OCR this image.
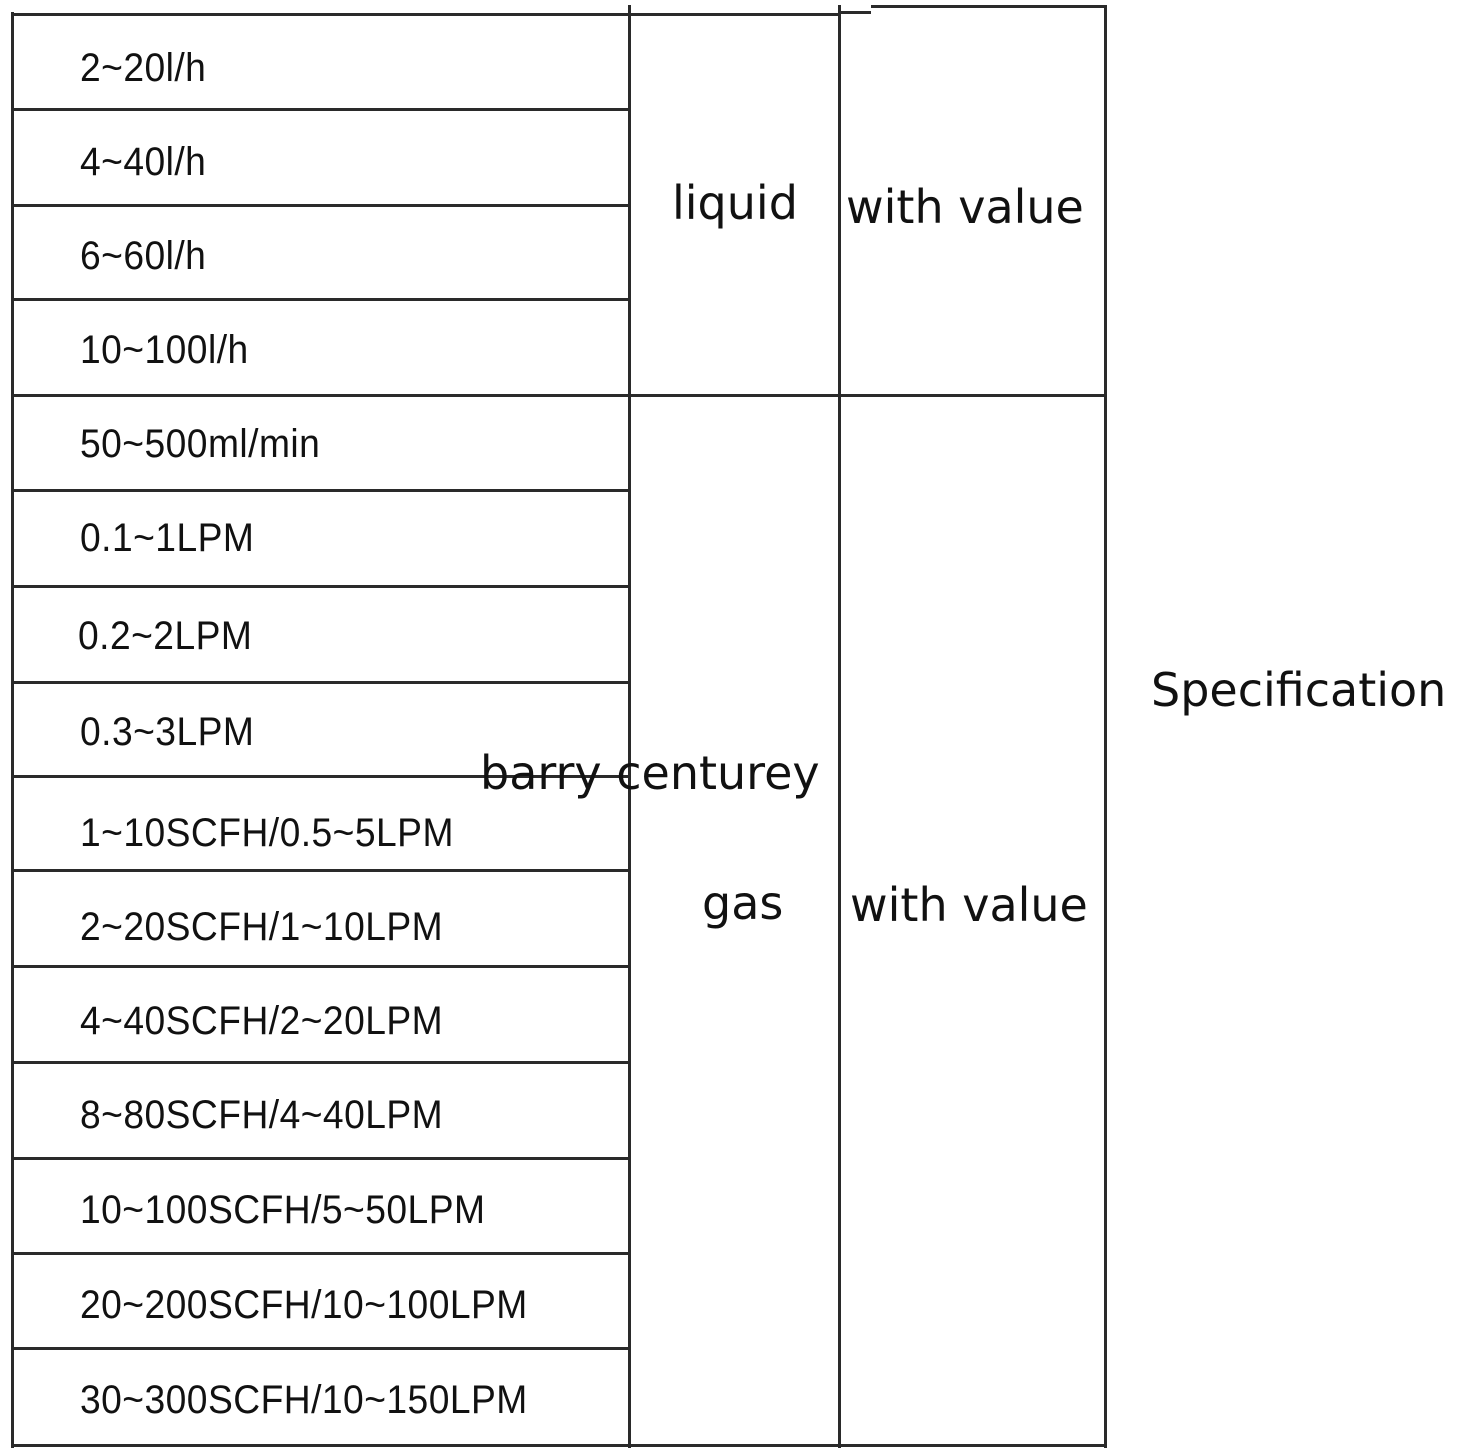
2~20l/h
4~40l/h
6~60l/h
10~100l/h
50~500ml/min
0.1~1LPM
0.2~2LPM
0.3~3LPM
1~10SCFH/0.5~5LPM
2~20SCFH/1~10LPM
4~40SCFH/2~20LPM
8~80SCFH/4~40LPM
10~100SCFH/5~50LPM
20~200SCFH/10~100LPM
30~300SCFH/10~150LPM
liquid with value
barry centurey
gas with value
Specification
